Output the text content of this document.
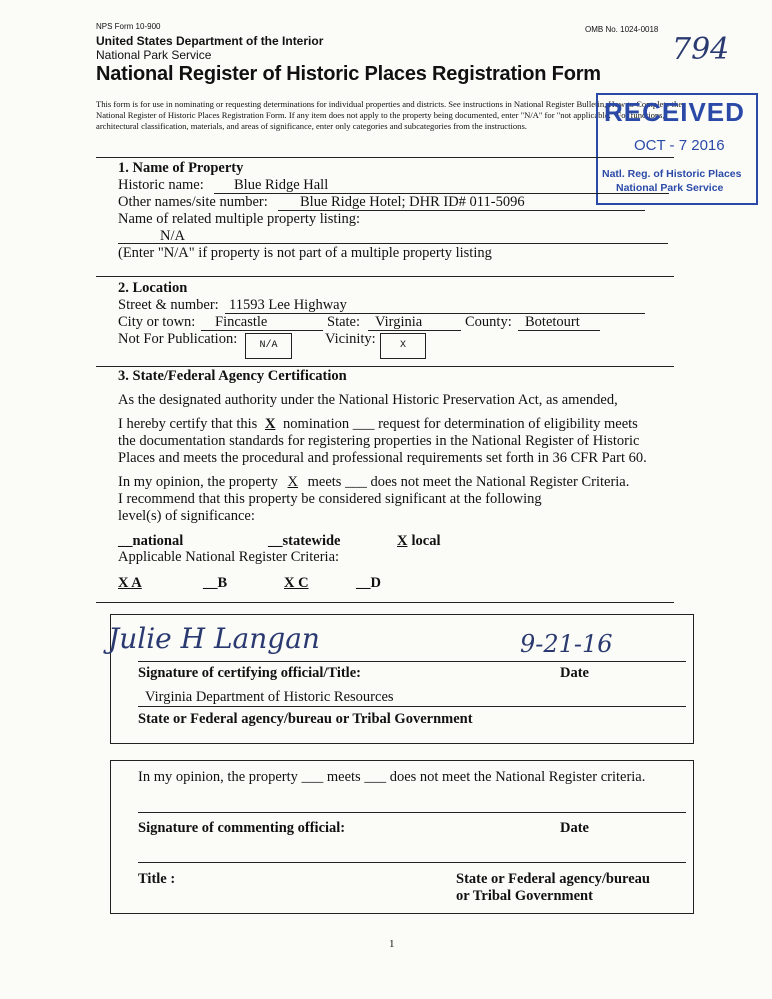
NPS Form 10-900	OMB No. 1024-0018
United States Department of the Interior
National Park Service
National Register of Historic Places Registration Form
794
This form is for use in nominating or requesting determinations for individual properties and districts. See instructions in National Register Bulletin, How to Complete the National Register of Historic Places Registration Form. If any item does not apply to the property being documented, enter "N/A" for "not applicable." For functions, architectural classification, materials, and areas of significance, enter only categories and subcategories from the instructions.	RECEIVED
OCT - 7 2016
Natl. Reg. of Historic Places
National Park Service
1. Name of Property
Historic name: Blue Ridge Hall
Other names/site number: Blue Ridge Hotel; DHR ID# 011-5096
Name of related multiple property listing:
N/A
(Enter "N/A" if property is not part of a multiple property listing
2. Location
Street & number: 11593 Lee Highway
City or town: Fincastle	State: Virginia	County: Botetourt
Not For Publication:	N/A	Vicinity:	X
3. State/Federal Agency Certification
As the designated authority under the National Historic Preservation Act, as amended,
I hereby certify that this X nomination ___ request for determination of eligibility meets
the documentation standards for registering properties in the National Register of Historic
Places and meets the procedural and professional requirements set forth in 36 CFR Part 60.
In my opinion, the property X meets ___ does not meet the National Register Criteria.
I recommend that this property be considered significant at the following
level(s) of significance:
__national	__statewide	X local
Applicable National Register Criteria:
X A	__B	X C	__D
Julie H Langan	9-21-16
Signature of certifying official/Title:	Date
Virginia Department of Historic Resources
State or Federal agency/bureau or Tribal Government
In my opinion, the property ___ meets ___ does not meet the National Register criteria.
Signature of commenting official:	Date
Title :	State or Federal agency/bureau
or Tribal Government
1
